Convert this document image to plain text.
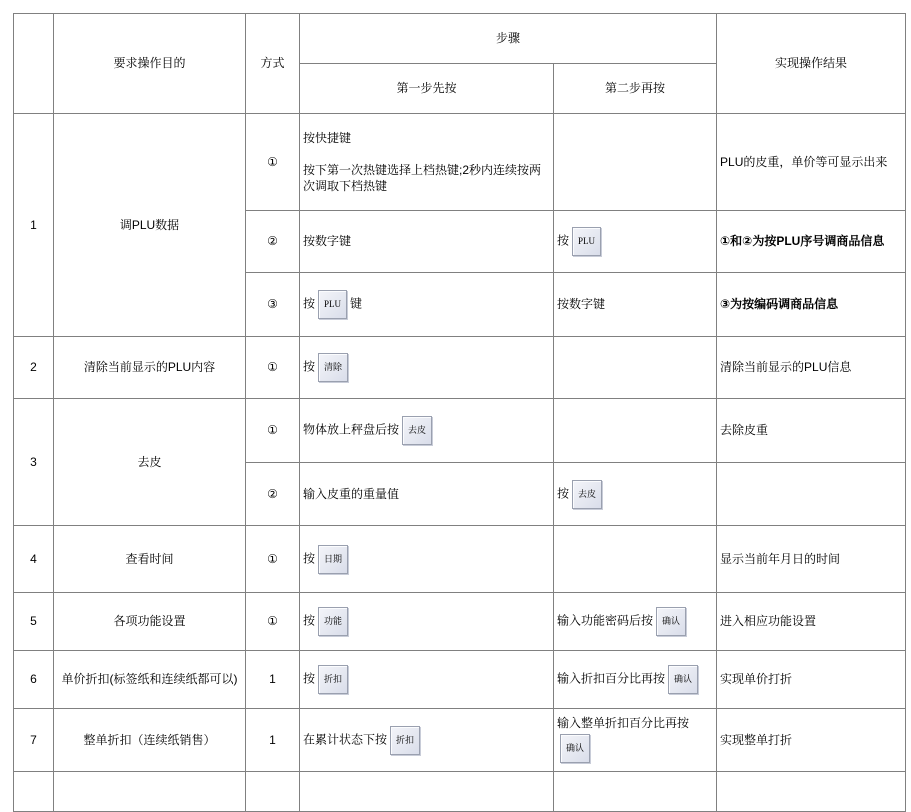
	要求操作目的	方式	步骤		实现操作结果
			第一步先按	第二步再按	
1	调PLU数据	①	按快捷键
按下第一次热键选择上档热键;2秒内连续按两次调取下档热键		PLU的皮重，单价等可显示出来
		②	按数字键	按 PLU	①和②为按PLU序号调商品信息
		③	按 PLU 键	按数字键	③为按编码调商品信息
2	清除当前显示的PLU内容	①	按 清除		清除当前显示的PLU信息
3	去皮	①	物体放上秤盘后按 去皮		去除皮重
		②	输入皮重的重量值	按 去皮	
4	查看时间	①	按 日期		显示当前年月日的时间
5	各项功能设置	①	按 功能	输入功能密码后按 确认	进入相应功能设置
6	单价折扣(标签纸和连续纸都可以)	1	按 折扣	输入折扣百分比再按 确认	实现单价打折
7	整单折扣（连续纸销售）	1	在累计状态下按 折扣	输入整单折扣百分比再按确认	实现整单打折
